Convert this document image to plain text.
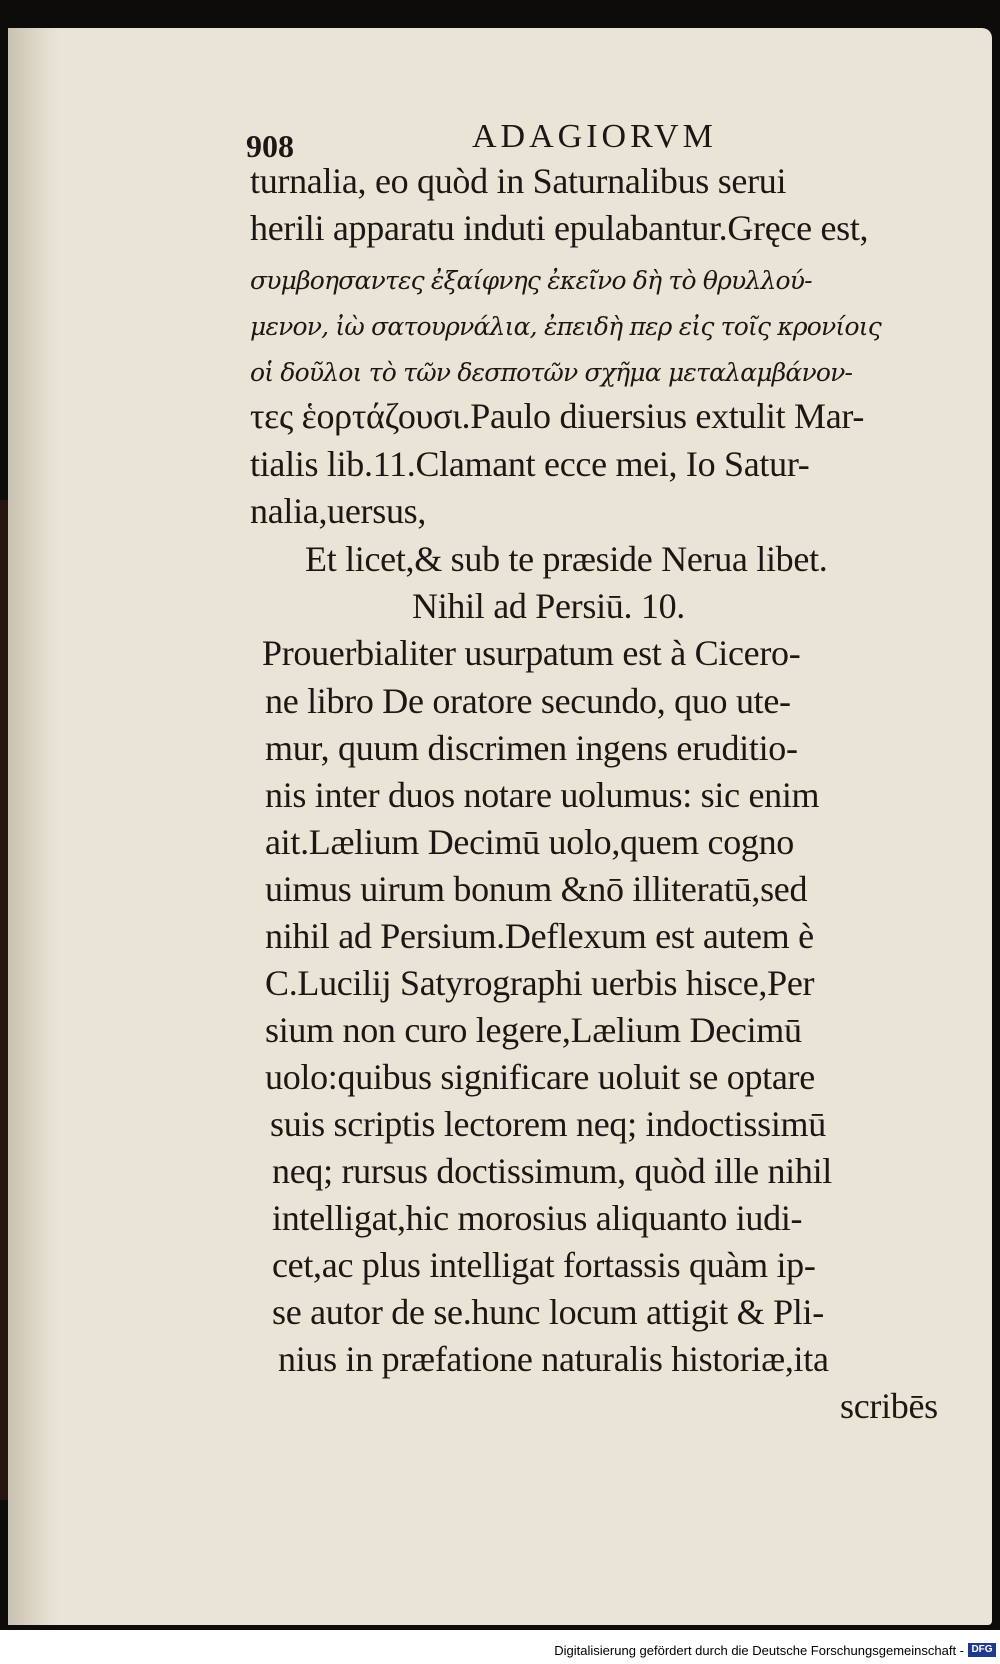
908	ADAGIORVM
turnalia, eo quòd in Saturnalibus serui
herili apparatu induti epulabantur.Gręce est,
συμβοησαντες ἐξαίφνης ἐκεῖνο δὴ τὸ θρυλλού-
μενον, ἰὼ σατουρνάλια, ἐπειδὴ περ εἰς τοῖς κρονίοις
οἱ δοῦλοι τὸ τῶν δεσποτῶν σχῆμα μεταλαμβάνον-
τες ἑορτάζουσι.Paulo diuersius extulit Mar-
tialis lib.11.Clamant ecce mei, Io Satur-
nalia,uersus,
Et licet,& sub te præside Nerua libet.
Nihil ad Persiū. 10.
Prouerbialiter usurpatum est à Cicero-
ne libro De oratore secundo, quo ute-
mur, quum discrimen ingens eruditio-
nis inter duos notare uolumus: sic enim
ait.Lælium Decimū uolo,quem cogno
uimus uirum bonum &nō illiteratū,sed
nihil ad Persium.Deflexum est autem è
C.Lucilij Satyrographi uerbis hisce,Per
sium non curo legere,Lælium Decimū
uolo:quibus significare uoluit se optare
suis scriptis lectorem neq; indoctissimū
neq; rursus doctissimum, quòd ille nihil
intelligat,hic morosius aliquanto iudi-
cet,ac plus intelligat fortassis quàm ip-
se autor de se.hunc locum attigit & Pli-
nius in præfatione naturalis historiæ,ita
scribēs
Digitalisierung gefördert durch die Deutsche Forschungsgemeinschaft - DFG
